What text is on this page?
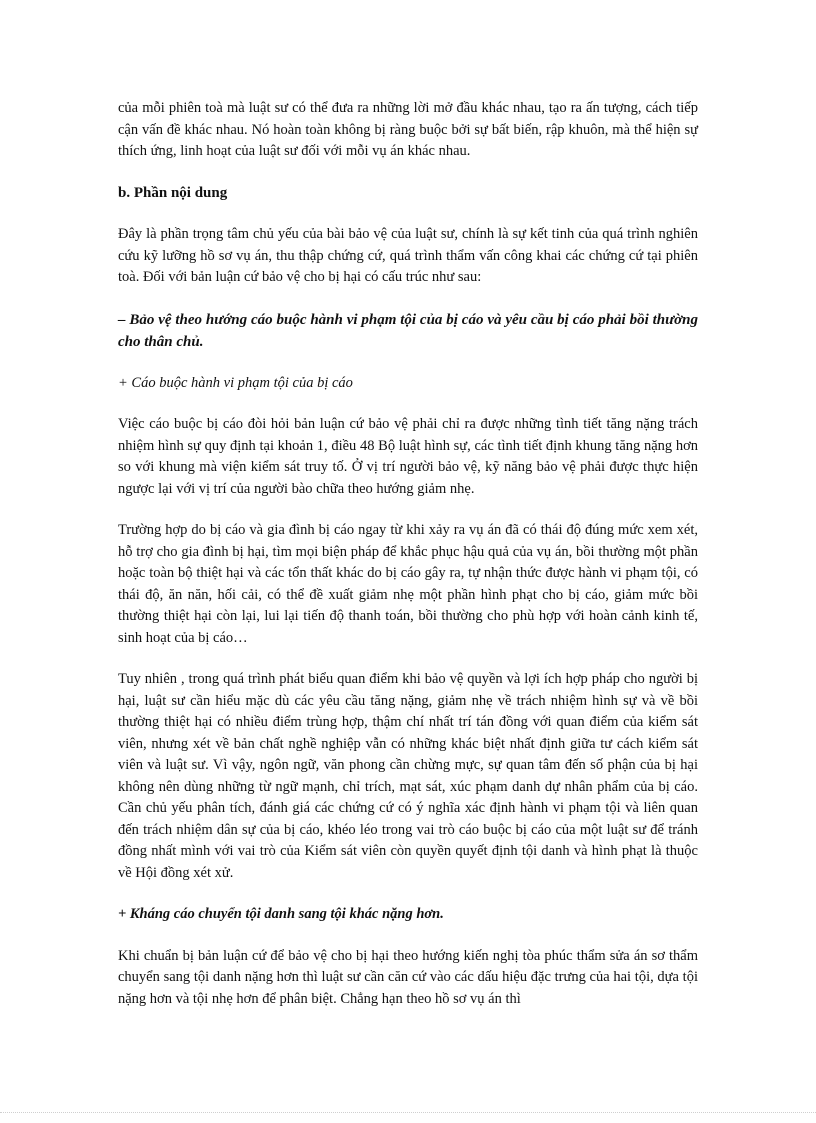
của mỗi phiên toà mà luật sư có thể đưa ra những lời mở đầu khác nhau, tạo ra ấn tượng, cách tiếp cận vấn đề khác nhau. Nó hoàn toàn không bị ràng buộc bởi sự bất biến, rập khuôn, mà thể hiện sự thích ứng, linh hoạt của luật sư đối với mỗi vụ án khác nhau.

b. Phần nội dung

Đây là phần trọng tâm chủ yếu của bài bảo vệ của luật sư, chính là sự kết tinh của quá trình nghiên cứu kỹ lưỡng hồ sơ vụ án, thu thập chứng cứ, quá trình thẩm vấn công khai các chứng cứ tại phiên toà. Đối với bản luận cứ bảo vệ cho bị hại có cấu trúc như sau:

– Bảo vệ theo hướng cáo buộc hành vi phạm tội của bị cáo và yêu cầu bị cáo phải bồi thường cho thân chủ.

+ Cáo buộc hành vi phạm tội của bị cáo

Việc cáo buộc bị cáo đòi hỏi bản luận cứ bảo vệ phải chỉ ra được những tình tiết tăng nặng trách nhiệm hình sự quy định tại khoản 1, điều 48 Bộ luật hình sự, các tình tiết định khung tăng nặng hơn so với khung mà viện kiểm sát truy tố. Ở vị trí người bảo vệ, kỹ năng bảo vệ phải được thực hiện ngược lại với vị trí của người bào chữa theo hướng giảm nhẹ.

Trường hợp do bị cáo và gia đình bị cáo ngay từ khi xảy ra vụ án đã có thái độ đúng mức xem xét, hỗ trợ cho gia đình bị hại, tìm mọi biện pháp để khắc phục hậu quả của vụ án, bồi thường một phần hoặc toàn bộ thiệt hại và các tổn thất khác do bị cáo gây ra, tự nhận thức được hành vi phạm tội, có thái độ, ăn năn, hối cải, có thể đề xuất giảm nhẹ một phần hình phạt cho bị cáo, giảm mức bồi thường thiệt hại còn lại, lui lại tiến độ thanh toán, bồi thường cho phù hợp với hoàn cảnh kinh tế, sinh hoạt của bị cáo…

Tuy nhiên , trong quá trình phát biểu quan điểm khi bảo vệ quyền và lợi ích hợp pháp cho người bị hại, luật sư cần hiểu mặc dù các yêu cầu tăng nặng, giảm nhẹ về trách nhiệm hình sự và về bồi thường thiệt hại có nhiều điểm trùng hợp, thậm chí nhất trí tán đồng với quan điểm của kiểm sát viên, nhưng xét về bản chất nghề nghiệp vẫn có những khác biệt nhất định giữa tư cách kiểm sát viên và luật sư. Vì vậy, ngôn ngữ, văn phong cần chừng mực, sự quan tâm đến số phận của bị hại không nên dùng những từ ngữ mạnh, chỉ trích, mạt sát, xúc phạm danh dự nhân phẩm của bị cáo. Cần chủ yếu phân tích, đánh giá các chứng cứ có ý nghĩa xác định hành vi phạm tội và liên quan đến trách nhiệm dân sự của bị cáo, khéo léo trong vai trò cáo buộc bị cáo của một luật sư để tránh đồng nhất mình với vai trò của Kiểm sát viên còn quyền quyết định tội danh và hình phạt là thuộc về Hội đồng xét xử.

+ Kháng cáo chuyển tội danh sang tội khác nặng hơn.

Khi chuẩn bị bản luận cứ để bảo vệ cho bị hại theo hướng kiến nghị tòa phúc thẩm sửa án sơ thẩm chuyển sang tội danh nặng hơn thì luật sư cần căn cứ vào các dấu hiệu đặc trưng của hai tội, dựa tội nặng hơn và tội nhẹ hơn để phân biệt. Chẳng hạn theo hồ sơ vụ án thì
